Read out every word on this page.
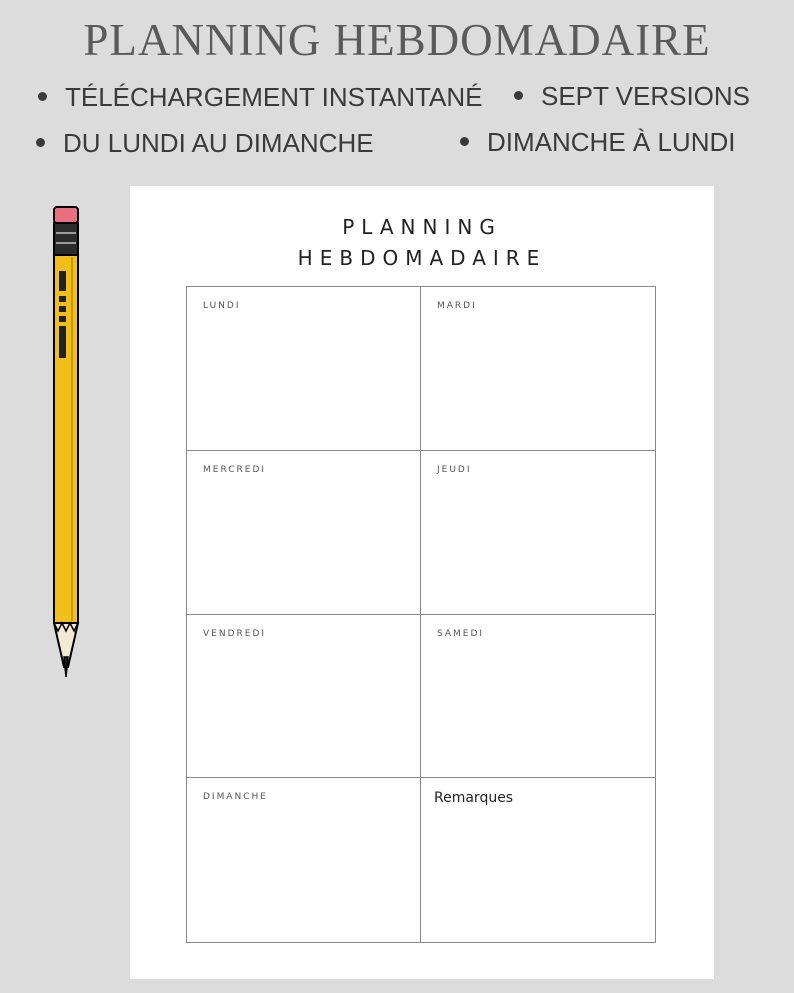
PLANNING HEBDOMADAIRE
TÉLÉCHARGEMENT INSTANTANÉ	SEPT VERSIONS
DU LUNDI AU DIMANCHE	DIMANCHE À LUNDI
PLANNING
HEBDOMADAIRE
LUNDI	MARDI
MERCREDI	JEUDI
VENDREDI	SAMEDI
DIMANCHE	Remarques
